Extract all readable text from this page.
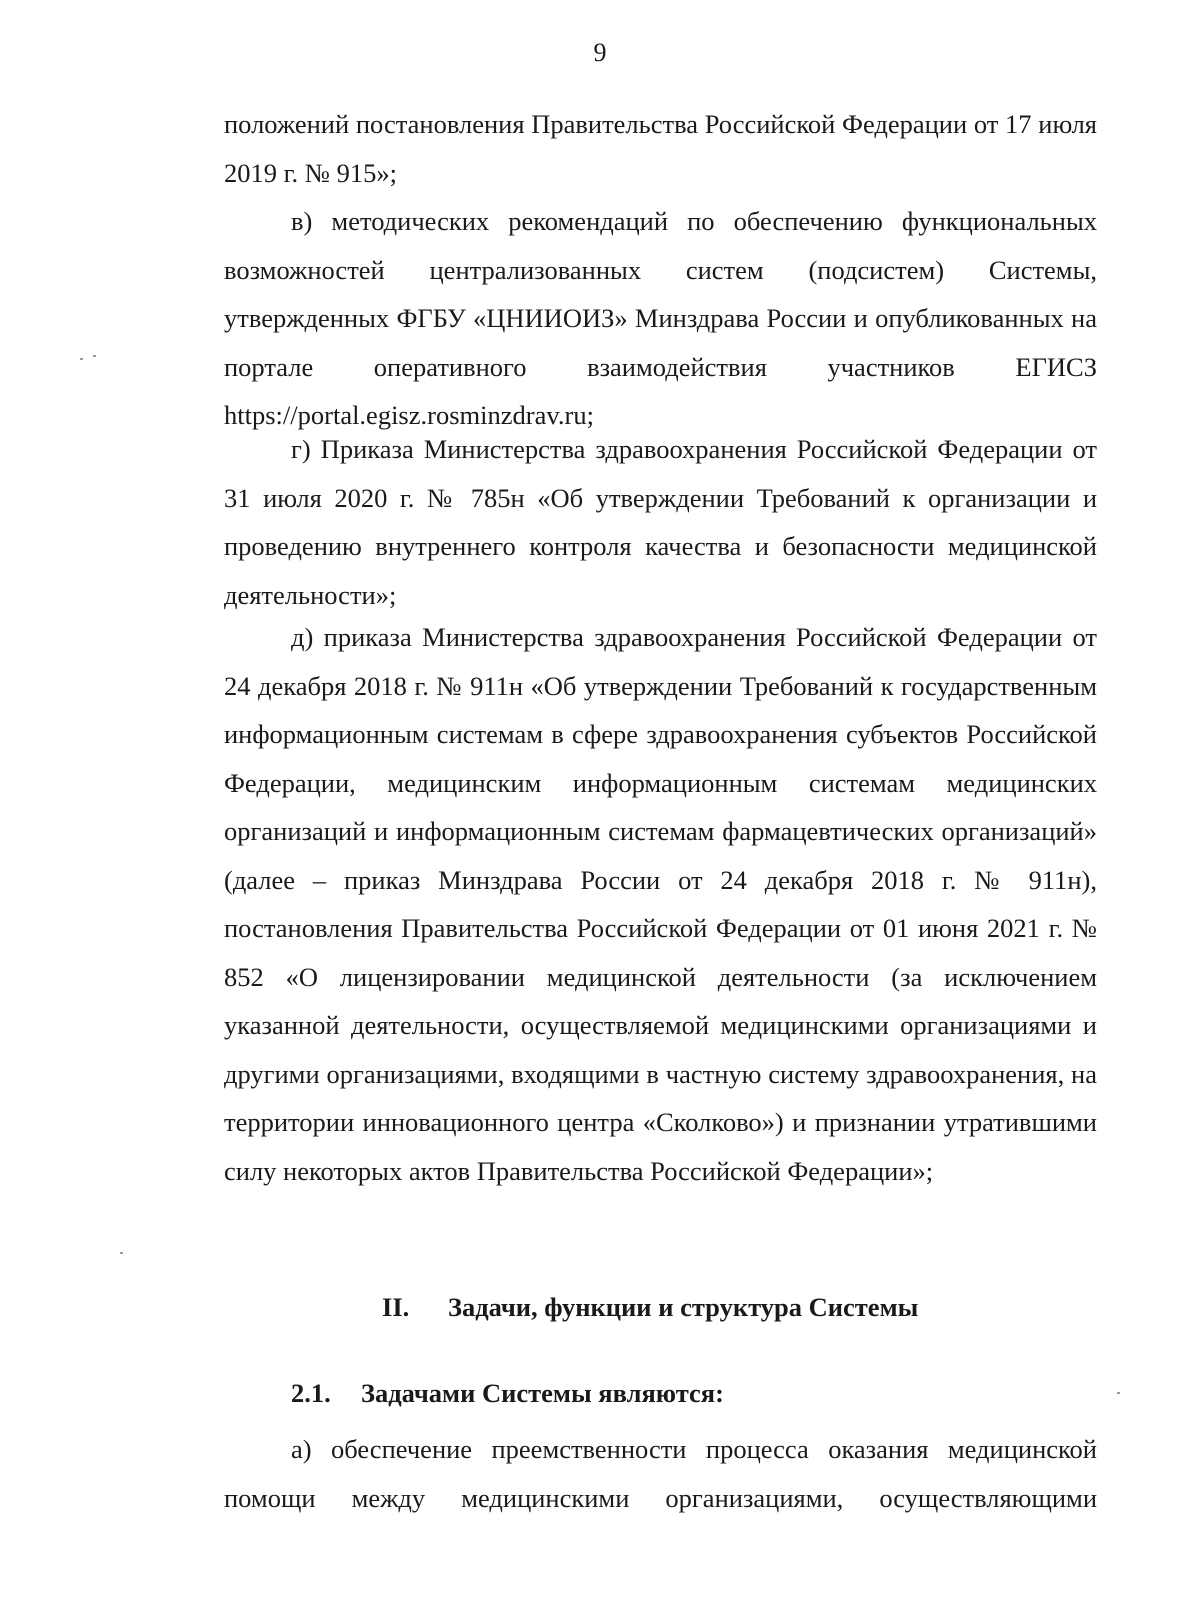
9

положений постановления Правительства Российской Федерации от 17 июля 2019 г. № 915»;

в) методических рекомендаций по обеспечению функциональных возможностей централизованных систем (подсистем) Системы, утвержденных ФГБУ «ЦНИИОИЗ» Минздрава России и опубликованных на портале оперативного взаимодействия участников ЕГИСЗ https://portal.egisz.rosminzdrav.ru;

г) Приказа Министерства здравоохранения Российской Федерации от 31 июля 2020 г. № 785н «Об утверждении Требований к организации и проведению внутреннего контроля качества и безопасности медицинской деятельности»;

д) приказа Министерства здравоохранения Российской Федерации от 24 декабря 2018 г. № 911н «Об утверждении Требований к государственным информационным системам в сфере здравоохранения субъектов Российской Федерации, медицинским информационным системам медицинских организаций и информационным системам фармацевтических организаций» (далее – приказ Минздрава России от 24 декабря 2018 г. № 911н), постановления Правительства Российской Федерации от 01 июня 2021 г. № 852 «О лицензировании медицинской деятельности (за исключением указанной деятельности, осуществляемой медицинскими организациями и другими организациями, входящими в частную систему здравоохранения, на территории инновационного центра «Сколково») и признании утратившими силу некоторых актов Правительства Российской Федерации»;

II. Задачи, функции и структура Системы
2.1. Задачами Системы являются:

а) обеспечение преемственности процесса оказания медицинской помощи между медицинскими организациями, осуществляющими
